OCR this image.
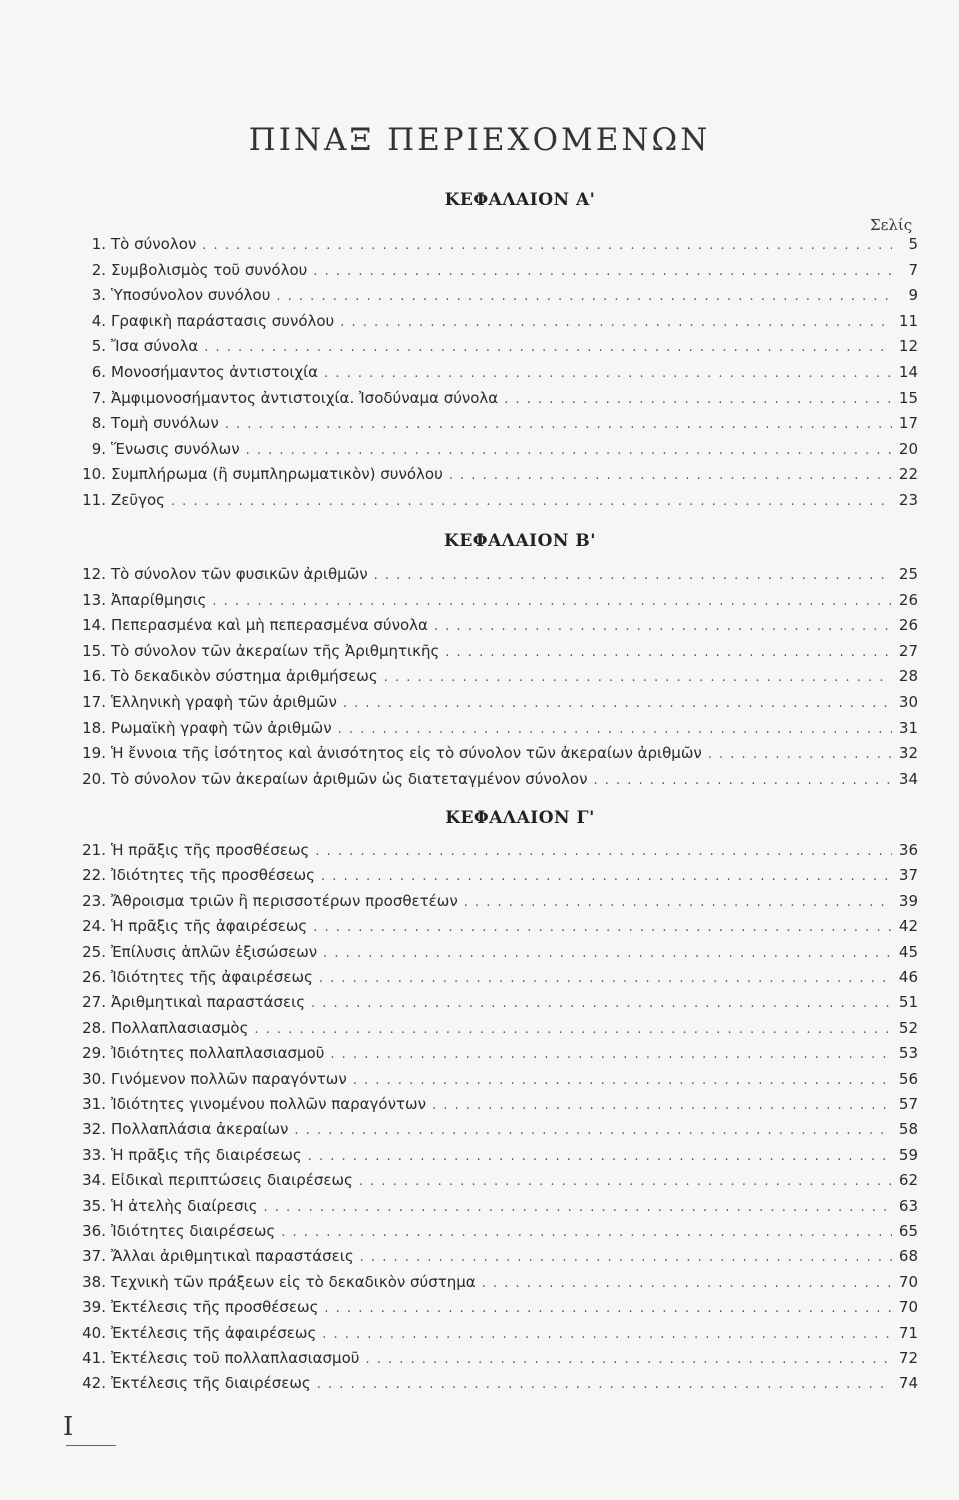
ΠΙΝΑΞ ΠΕΡΙΕΧΟΜΕΝΩΝ
ΚΕΦΑΛΑΙΟΝ Α'
Σελίς
ΚΕΦΑΛΑΙΟΝ Β'
ΚΕΦΑΛΑΙΟΝ Γ'
1. Τὸ σύνολον . . .	5
2. Συμβολισμὸς τοῦ συνόλου . . .	7
3. Ὑποσύνολον συνόλου . . .	9
4. Γραφικὴ παράστασις συνόλου . . .	11
5. Ἴσα σύνολα . . .	12
6. Μονοσήμαντος ἀντιστοιχία . . .	14
7. Ἀμφιμονοσήμαντος ἀντιστοιχία. Ἰσοδύναμα σύνολα . . .	15
8. Τομὴ συνόλων . . .	17
9. Ἕνωσις συνόλων . . .	20
10. Συμπλήρωμα (ἢ συμπληρωματικὸν) συνόλου . . .	22
11. Ζεῦγος . . .	23
12. Τὸ σύνολον τῶν φυσικῶν ἀριθμῶν . . .	25
13. Ἀπαρίθμησις . . .	26
14. Πεπερασμένα καὶ μὴ πεπερασμένα σύνολα . . .	26
15. Τὸ σύνολον τῶν ἀκεραίων τῆς Ἀριθμητικῆς . . .	27
16. Τὸ δεκαδικὸν σύστημα ἀριθμήσεως . . .	28
17. Ἑλληνικὴ γραφὴ τῶν ἀριθμῶν . . .	30
18. Ρωμαϊκὴ γραφὴ τῶν ἀριθμῶν . . .	31
19. Ἡ ἔννοια τῆς ἰσότητος καὶ ἀνισότητος εἰς τὸ σύνολον τῶν ἀκεραίων ἀριθμῶν . . .	32
20. Τὸ σύνολον τῶν ἀκεραίων ἀριθμῶν ὡς διατεταγμένον σύνολον . . .	34
21. Ἡ πρᾶξις τῆς προσθέσεως . . .	36
22. Ἰδιότητες τῆς προσθέσεως . . .	37
23. Ἄθροισμα τριῶν ἢ περισσοτέρων προσθετέων . . .	39
24. Ἡ πρᾶξις τῆς ἀφαιρέσεως . . .	42
25. Ἐπίλυσις ἁπλῶν ἐξισώσεων . . .	45
26. Ἰδιότητες τῆς ἀφαιρέσεως . . .	46
27. Ἀριθμητικαὶ παραστάσεις . . .	51
28. Πολλαπλασιασμὸς . . .	52
29. Ἰδιότητες πολλαπλασιασμοῦ . . .	53
30. Γινόμενον πολλῶν παραγόντων . . .	56
31. Ἰδιότητες γινομένου πολλῶν παραγόντων . . .	57
32. Πολλαπλάσια ἀκεραίων . . .	58
33. Ἡ πρᾶξις τῆς διαιρέσεως . . .	59
34. Εἰδικαὶ περιπτώσεις διαιρέσεως . . .	62
35. Ἡ ἀτελὴς διαίρεσις . . .	63
36. Ἰδιότητες διαιρέσεως . . .	65
37. Ἄλλαι ἀριθμητικαὶ παραστάσεις . . .	68
38. Τεχνικὴ τῶν πράξεων εἰς τὸ δεκαδικὸν σύστημα . . .	70
39. Ἐκτέλεσις τῆς προσθέσεως . . .	70
40. Ἐκτέλεσις τῆς ἀφαιρέσεως . . .	71
41. Ἐκτέλεσις τοῦ πολλαπλασιασμοῦ . . .	72
42. Ἐκτέλεσις τῆς διαιρέσεως . . .	74
I
